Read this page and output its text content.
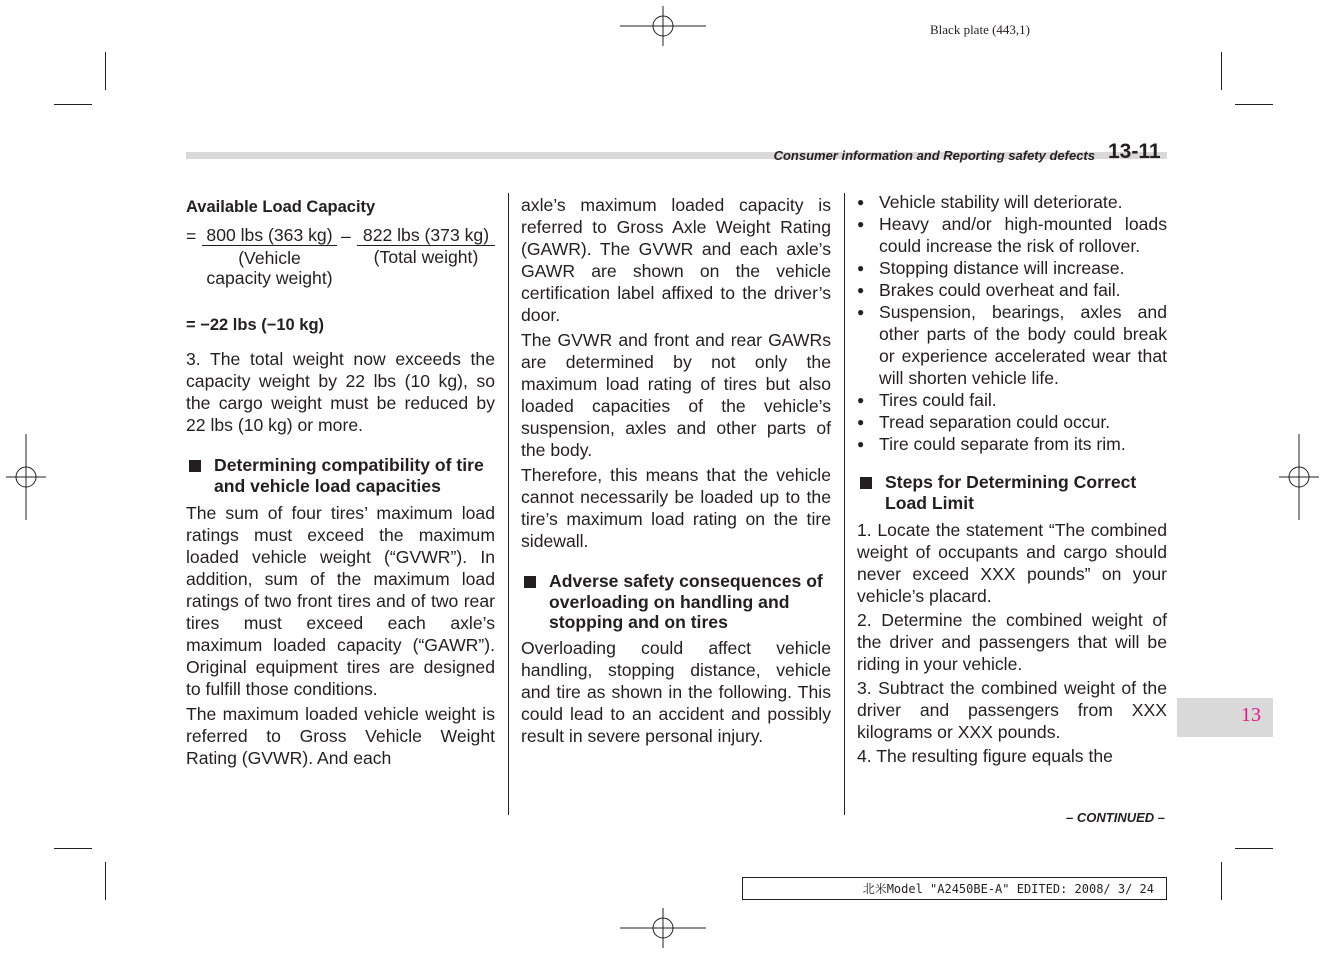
Black plate (443,1)
Consumer information and Reporting safety defects 13-11
Available Load Capacity
= 800 lbs (363 kg) – 822 lbs (373 kg)
(Vehicle
capacity weight)
(Total weight)
= −22 lbs (−10 kg)

3. The total weight now exceeds the capacity weight by 22 lbs (10 kg), so the cargo weight must be reduced by 22 lbs (10 kg) or more.

Determining compatibility of tire and vehicle load capacities

The sum of four tires’ maximum load ratings must exceed the maximum loaded vehicle weight (“GVWR”). In addition, sum of the maximum load ratings of two front tires and of two rear tires must exceed each axle’s maximum loaded capacity (“GAWR”). Original equipment tires are designed to fulfill those conditions.

The maximum loaded vehicle weight is referred to Gross Vehicle Weight Rating (GVWR). And each

axle’s maximum loaded capacity is referred to Gross Axle Weight Rating (GAWR). The GVWR and each axle’s GAWR are shown on the vehicle certification label affixed to the driver’s door.

The GVWR and front and rear GAWRs are determined by not only the maximum load rating of tires but also loaded capacities of the vehicle’s suspension, axles and other parts of the body.

Therefore, this means that the vehicle cannot necessarily be loaded up to the tire’s maximum load rating on the tire sidewall.

Adverse safety consequences of overloading on handling and stopping and on tires

Overloading could affect vehicle handling, stopping distance, vehicle and tire as shown in the following. This could lead to an accident and possibly result in severe personal injury.

● Vehicle stability will deteriorate.
● Heavy and/or high-mounted loads could increase the risk of rollover.
● Stopping distance will increase.
● Brakes could overheat and fail.
● Suspension, bearings, axles and other parts of the body could break or experience accelerated wear that will shorten vehicle life.
● Tires could fail.
● Tread separation could occur.
● Tire could separate from its rim.
Steps for Determining Correct Load Limit

1. Locate the statement “The combined weight of occupants and cargo should never exceed XXX pounds” on your vehicle’s placard.

2. Determine the combined weight of the driver and passengers that will be riding in your vehicle.

3. Subtract the combined weight of the driver and passengers from XXX kilograms or XXX pounds.

4. The resulting figure equals the

13
– CONTINUED –
北米Model "A2450BE-A" EDITED: 2008/ 3/ 24
